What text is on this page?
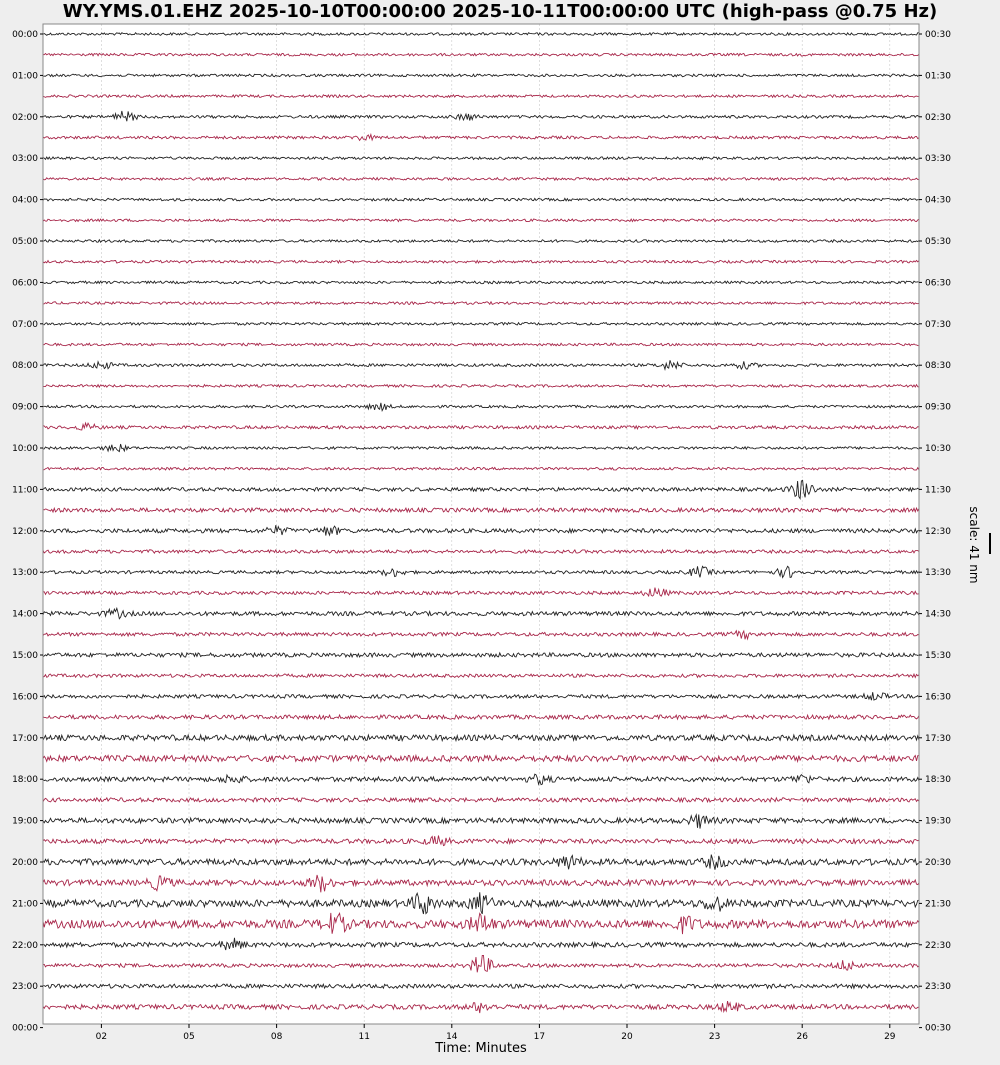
WY.YMS.01.EHZ 2025-10-10T00:00:00 2025-10-11T00:00:00 UTC (high-pass @0.75 Hz)
00:00
01:00
02:00
03:00
04:00
05:00
06:00
07:00
08:00
09:00
10:00
11:00
12:00
13:00
14:00
15:00
16:00
17:00
18:00
19:00
20:00
21:00
22:00
23:00
00:00
00:30
01:30
02:30
03:30
04:30
05:30
06:30
07:30
08:30
09:30
10:30
11:30
12:30
13:30
14:30
15:30
16:30
17:30
18:30
19:30
20:30
21:30
22:30
23:30
00:30
02	05	08	11	14	17	20	23	26	29
Time: Minutes
scale: 41 nm
